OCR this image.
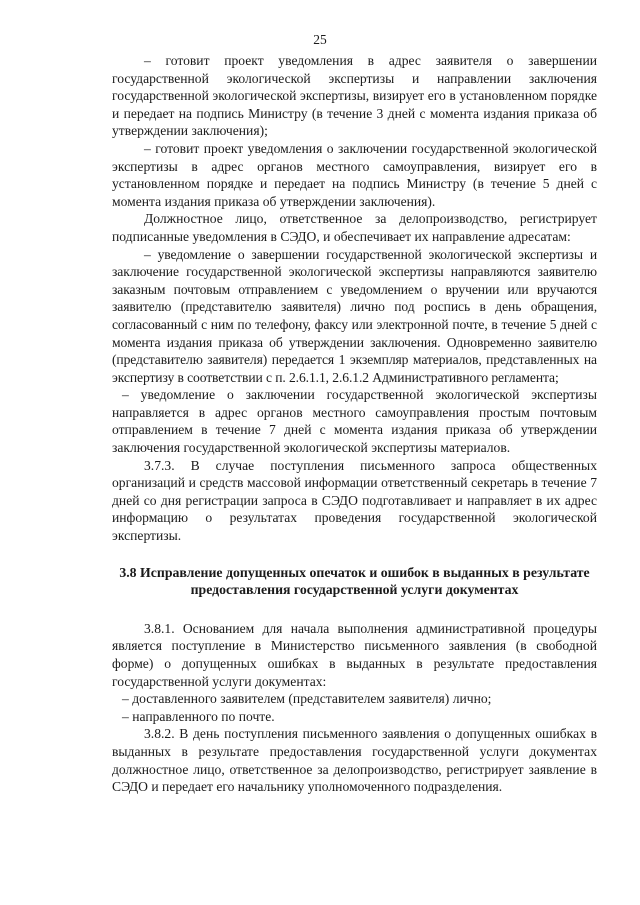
25

– готовит проект уведомления в адрес заявителя о завершении государственной экологической экспертизы и направлении заключения государственной экологической экспертизы, визирует его в установленном порядке и передает на подпись Министру (в течение 3 дней с момента издания приказа об утверждении заключения);

– готовит проект уведомления о заключении государственной экологической экспертизы в адрес органов местного самоуправления, визирует его в установленном порядке и передает на подпись Министру (в течение 5 дней с момента издания приказа об утверждении заключения).

Должностное лицо, ответственное за делопроизводство, регистрирует подписанные уведомления в СЭДО, и обеспечивает их направление адресатам:

– уведомление о завершении государственной экологической экспертизы и заключение государственной экологической экспертизы направляются заявителю заказным почтовым отправлением с уведомлением о вручении или вручаются заявителю (представителю заявителя) лично под роспись в день обращения, согласованный с ним по телефону, факсу или электронной почте, в течение 5 дней с момента издания приказа об утверждении заключения. Одновременно заявителю (представителю заявителя) передается 1 экземпляр материалов, представленных на экспертизу в соответствии с п. 2.6.1.1, 2.6.1.2 Административного регламента;

– уведомление о заключении государственной экологической экспертизы направляется в адрес органов местного самоуправления простым почтовым отправлением в течение 7 дней с момента издания приказа об утверждении заключения государственной экологической экспертизы материалов.

3.7.3. В случае поступления письменного запроса общественных организаций и средств массовой информации ответственный секретарь в течение 7 дней со дня регистрации запроса в СЭДО подготавливает и направляет в их адрес информацию о результатах проведения государственной экологической экспертизы.

3.8 Исправление допущенных опечаток и ошибок в выданных в результате предоставления государственной услуги документах

3.8.1. Основанием для начала выполнения административной процедуры является поступление в Министерство письменного заявления (в свободной форме) о допущенных ошибках в выданных в результате предоставления государственной услуги документах:

– доставленного заявителем (представителем заявителя) лично;

– направленного по почте.

3.8.2. В день поступления письменного заявления о допущенных ошибках в выданных в результате предоставления государственной услуги документах должностное лицо, ответственное за делопроизводство, регистрирует заявление в СЭДО и передает его начальнику уполномоченного подразделения.
